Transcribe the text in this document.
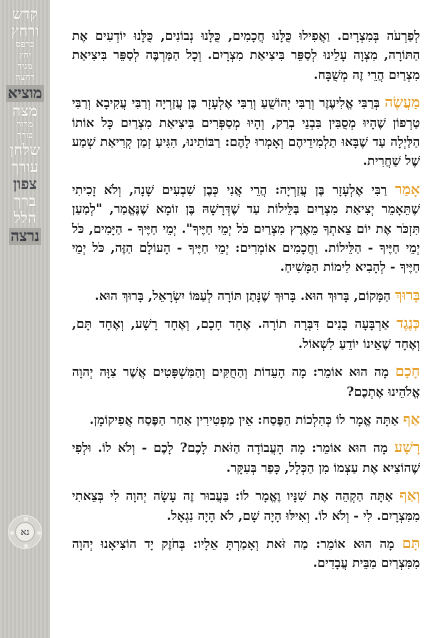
קדש
ורחץ
כרפס
יחץ
מגיד
רחצה
מוציא
מצה
מרור
כורך
שלחן
עורך
צפון
ברך
הלל
נרצה
נא

לְפַרְעֹה בְּמִצְרָיִם. וַאֲפִילוּ כֻּלָּנוּ חֲכָמִים, כֻּלָּנוּ נְבוֹנִים, כֻּלָּנוּ יוֹדְעִים אֶת הַתּוֹרָה, מִצְוָה עָלֵינוּ לְסַפֵּר בִּיצִיאַת מִצְרָיִם. וְכָל הַמַּרְבֶּה לְסַפֵּר בִּיצִיאַת מִצְרַיִם הֲרֵי זֶה מְשֻׁבָּח.

מַעֲשֶׂה בְּרַבִּי אֱלִיעֶזֶר וְרַבִּי יְהוֹשֻׁעַ וְרַבִּי אֶלְעָזָר בֶּן עֲזַרְיָה וְרַבִּי עֲקִיבָא וְרַבִּי טַרְפוֹן שֶׁהָיוּ מְסֻבִּין בִּבְנֵי בְרַק, וְהָיוּ מְסַפְּרִים בִּיצִיאַת מִצְרַיִם כָּל אוֹתוֹ הַלַּיְלָה עַד שֶׁבָּאוּ תַלְמִידֵיהֶם וְאָמְרוּ לָהֶם: רַבּוֹתֵינוּ, הִגִּיעַ זְמַן קְרִיאַת שְׁמַע שֶׁל שַׁחֲרִית.

אָמַר רַבִּי אֶלְעָזָר בֶּן עֲזַרְיָה: הֲרֵי אֲנִי כְּבֶן שִׁבְעִים שָׁנָה, וְלֹא זָכִיתִי שֶׁתֵּאָמֵר יְצִיאַת מִצְרַיִם בַּלֵּילוֹת עַד שֶׁדְּרָשָׁהּ בֶּן זוֹמָא שֶׁנֶּאֱמַר, "לְמַעַן תִּזְכֹּר אֶת יוֹם צֵאתְךָ מֵאֶרֶץ מִצְרַיִם כֹּל יְמֵי חַיֶּיךָ". יְמֵי חַיֶּיךָ - הַיָּמִים, כֹּל יְמֵי חַיֶּיךָ - הַלֵּילוֹת. וַחֲכָמִים אוֹמְרִים: יְמֵי חַיֶּיךָ - הָעוֹלָם הַזֶּה, כֹּל יְמֵי חַיֶּיךָ - לְהָבִיא לִימוֹת הַמָּשִׁיחַ.

בָּרוּךְ הַמָּקוֹם, בָּרוּךְ הוּא. בָּרוּךְ שֶׁנָּתַן תּוֹרָה לְעַמּוֹ יִשְׂרָאֵל, בָּרוּךְ הוּא.

כְּנֶגֶד אַרְבָּעָה בָנִים דִּבְּרָה תוֹרָה. אֶחָד חָכָם, וְאֶחָד רָשָׁע, וְאֶחָד תָּם, וְאֶחָד שֶׁאֵינוֹ יוֹדֵעַ לִשְׁאוֹל.

חָכָם מָה הוּא אוֹמֵר: מָה הָעֵדוֹת וְהַחֻקִּים וְהַמִּשְׁפָּטִים אֲשֶׁר צִוָּה יְהוָה אֱלֹהֵינוּ אֶתְכֶם?

אַף אַתָּה אֱמָר לוֹ כְּהִלְכוֹת הַפֶּסַח: אֵין מַפְטִירִין אַחַר הַפֶּסַח אֲפִיקוֹמָן.

רָשָׁע מָה הוּא אוֹמֵר: מָה הָעֲבוֹדָה הַזֹּאת לָכֶם? לָכֶם - וְלֹא לוֹ. וּלְפִי שֶׁהוֹצִיא אֶת עַצְמוֹ מִן הַכְּלָל, כָּפַר בְּעִקָּר.

וְאַף אַתָּה הַקְהֵה אֶת שִׁנָּיו וֶאֱמָר לוֹ: בַּעֲבוּר זֶה עָשָׂה יְהוָה לִי בְּצֵאתִי מִמִּצְרָיִם. לִי - וְלֹא לוֹ. וְאִילּוּ הָיָה שָׁם, לֹא הָיָה נִגְאָל.

תָּם מָה הוּא אוֹמֵר: מַה זֹּאת וְאָמַרְתָּ אֵלָיו: בְּחֹזֶק יָד הוֹצִיאָנוּ יְהוָה מִמִּצְרַיִם מִבֵּית עֲבָדִים.
